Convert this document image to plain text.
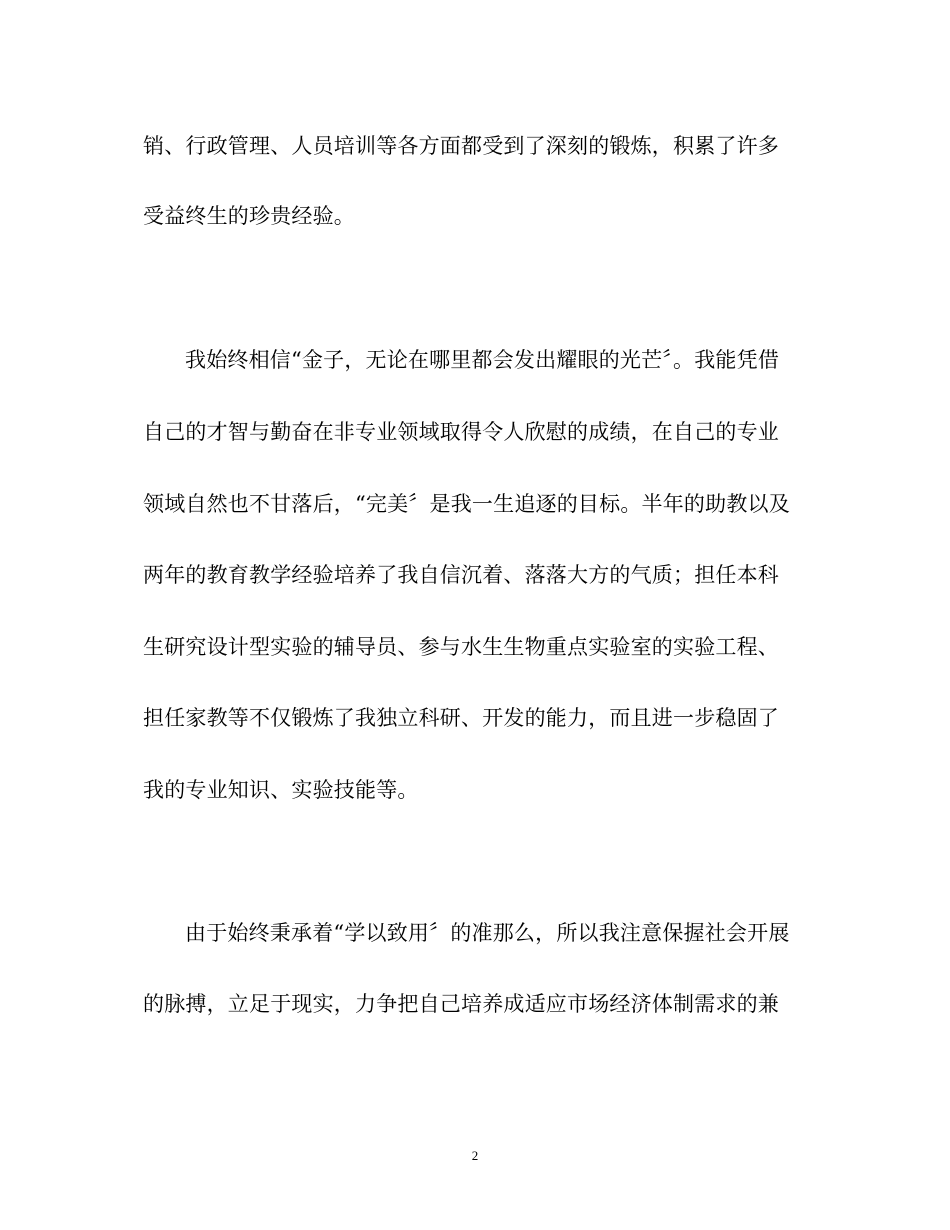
销、行政管理、人员培训等各方面都受到了深刻的锻炼，积累了许多
受益终生的珍贵经验。
我始终相信“金子，无论在哪里都会发出耀眼的光芒〞。我能凭借
自己的才智与勤奋在非专业领域取得令人欣慰的成绩，在自己的专业
领域自然也不甘落后，“完美〞是我一生追逐的目标。半年的助教以及
两年的教育教学经验培养了我自信沉着、落落大方的气质；担任本科
生研究设计型实验的辅导员、参与水生生物重点实验室的实验工程、
担任家教等不仅锻炼了我独立科研、开发的能力，而且进一步稳固了
我的专业知识、实验技能等。
由于始终秉承着“学以致用〞的准那么，所以我注意保握社会开展
的脉搏，立足于现实，力争把自己培养成适应市场经济体制需求的兼
2
